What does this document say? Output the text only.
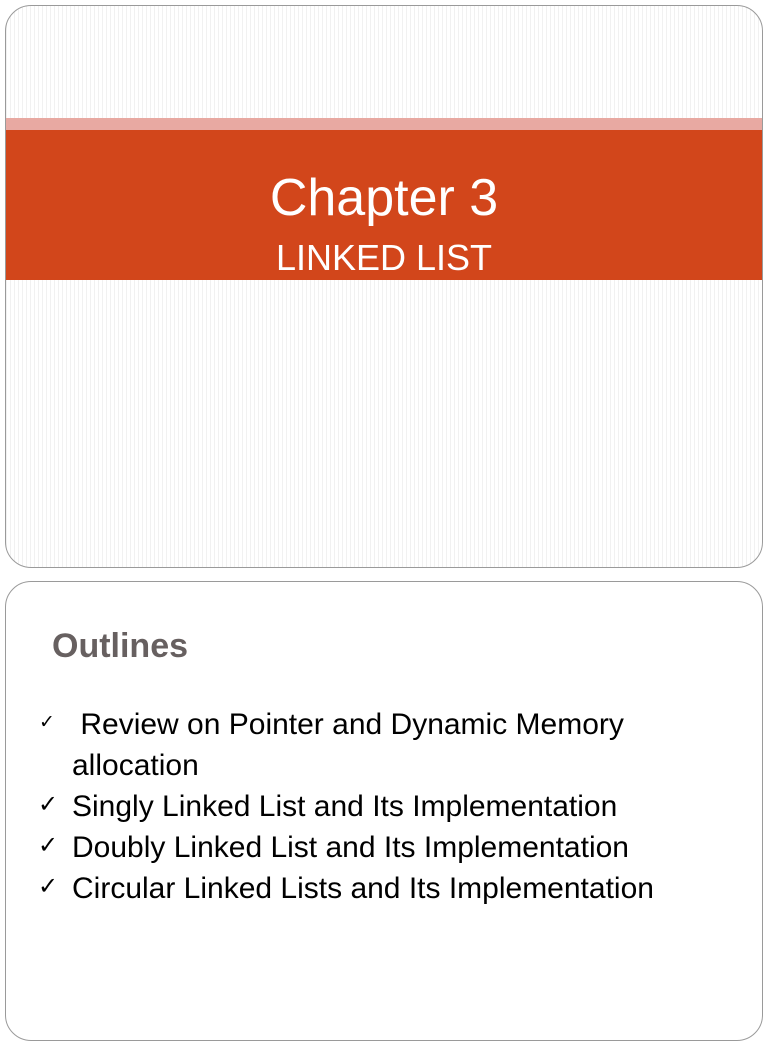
Chapter 3
LINKED LIST
Outlines
✓ Review on Pointer and Dynamic Memory allocation
✓ Singly Linked List and Its Implementation
✓ Doubly Linked List and Its Implementation
✓ Circular Linked Lists and Its Implementation
